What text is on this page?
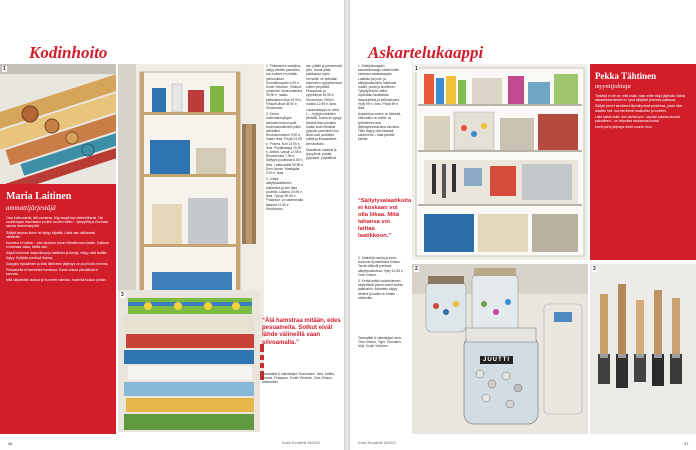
Kodinhoito
1	1. Pellavainen kaitaliina säilyy siististi parhaiten, kun kaiteet on rullattu pahvirullaan. Sumuttimapullo 4,99 e, Kodin Ykkönen. Vihkurit-purkkinen Viiva-kaitaliina 39,90 e, raaka-pellavainen liina 49,90 e, Vihkurit-liinat 35,90 e, Stockmann.

2. Kerrot kodinhoitohyllyjen kankaat kertoa hyvät kodinhoitovälineet pilkin selkeäksi. Ruokosorsoinen 9,90 e, Vasen Ikea. Pöytä 24,95 e, Prisma. Kori 13,95 e, Ikea. Pöytäkaappi 19,90 e, Anttila. Lastut 12,95 e, Rinnekeidas 7,95 e. Säilytys puolilanat 8,50 e, Ikea. Lattia-astiat 59,95 e, Eero Aarnio. Mattojalat 9,90 e, Ikea.

3. Liittyä säilytyslaatikoihin aukitettua ja sen tilaa puolella. Lakana 24,95 e, Ikea. Tyynyt 39,90 e, Finlayson, ja vasemmalla lakanat 12,95 e Stockmann.

sen päälle ja pienemmät ylös. Sama pitää paikkansa myös verhoilla: ne pidetään paremmin ryppyttömissä rullien ympärillä. Pesupussit ja pyyheliinat 16,95 e, Stockmann. Peiton nurkka 12,95 e, Ikea.

Lakanakaappi on vielä 1. – hyllyjä mieluiten ylhäällä, koska se pysyy sileänä tilan pinnalla. Kaikki kodin tekstiilit pysyvät paremmin kun liinat ovat puolitetut rullilla ja liinavaatteet kerroksittain.

Muistilista: lakanat ja tyynyliinat, paidat, pyyhkeet, pöytäliinat.

“Älä hamstraa mitään, edes pesuaineita. Sotkut eivät lähde välineillä vaan siivoamalla.”
Tavaratilat & valmistajat: Stockmann, Ikea, Anttila, Prisma, Finlayson, Kodin Ykkönen, Clas Ohlson, Marimekko
Maria Laitinen

ammattijärjestäjä

Oma kotiluuolella, älä hamstraa. Käy kaapit läpi säännöllisesti. Tee ruokakaapin inventaario puolen vuoden välein – lyhtyyttää ja Kimmata samaa ravemmanpätä.

Säilytä tavaraa kuten ne täytyy käyttää. Lisää vain aktiivisesti nähtäville.

Kauneus ei vaihdu – vain taulukon tuhon elämäkerran sisään. Kaikkea ei kannata ostaa, tietää vain.

Käytä kivemmin lasipurkkeja ja laatikoita ja koreja, näkyy mitä sisältä löytyy. Hyllytilat pienissä tiloissa.

Kaappiin hyödyllinen ja siisti lähitoinen järjestys on puoli koko homma.

Pesuaineita ei hamstrata hamstraa. Sama toistaa päivittäistä ei kannata.

Mitä säilytetään lasissa ja huoneen saleissa, huolehdi taukoa ja tilan.

3
36	Kodin Kuvalehti 18/2012
Askartelukaappi

1. Käsityökaappiin askartelukaappi rakennettiin vanhaan vaatekaappiin. Laatikko jäi pois, ja säilytystaskuihin mahtuvat maalit, pullot ja siveltimet. Tyhjätyöntyön säilöt löydetään tavallisista lasipurkeista ja peltirasioista. Hylly 99 e, Ikea. Pöytä 89 e, Ikea.

Askartelua varten on tärkeää, että kaikki on esillä. Ja työvälineet ovat järjestyksessä aina valmiina. Tilan täytyy olla viisaasti rakennettu – tilaa pienille jutuille.

“Säilytysalaatikoita ei koskaan voi olla liikaa. Mitä tahansa voi laittaa laatikkoon.”

2. Sääntöjä nauha ja tarra kuuluvat ripustettuina rullaan. Tarrat säilyvät pienissä säilytysrasioissa. Hylly 12,95 e, Clas Ohlson.

3. Kerää kaikki valaistukseen käytettävät pienet purkit isoihin laatikoihin. Askartelu säilyy siistinä ja kaikki on käden ulottuvilla.

Tavaratilat & valmistajat: Ikea, Clas Ohlson, Tiger, Tokmanni, Muji, Kodin Ykkönen
1
Pekka Tähtinen

myyntijohtaja

Tärkeää ei ole se, mitä ostat, vaan miten tiloja järjestät. Kaikki askartelutarvikkeet on hyvä säilyttää yhdessä paikassa.

Säilytä pienet tarvikkeet läpinäkyvissä purkeissa, joista näet sisällön heti. Isot tarvikkeet laatikoihin ja koreihin.

Laita kaikki esille, kun aloitat työn. Lopuksi palauta tavarat paikoilleen – se helpottaa seuraavaa kertaa.

Usein pieni järjestys tekee suuren eron.

JUUTTI
2	3
Kodin Kuvalehti 18/2012	37
